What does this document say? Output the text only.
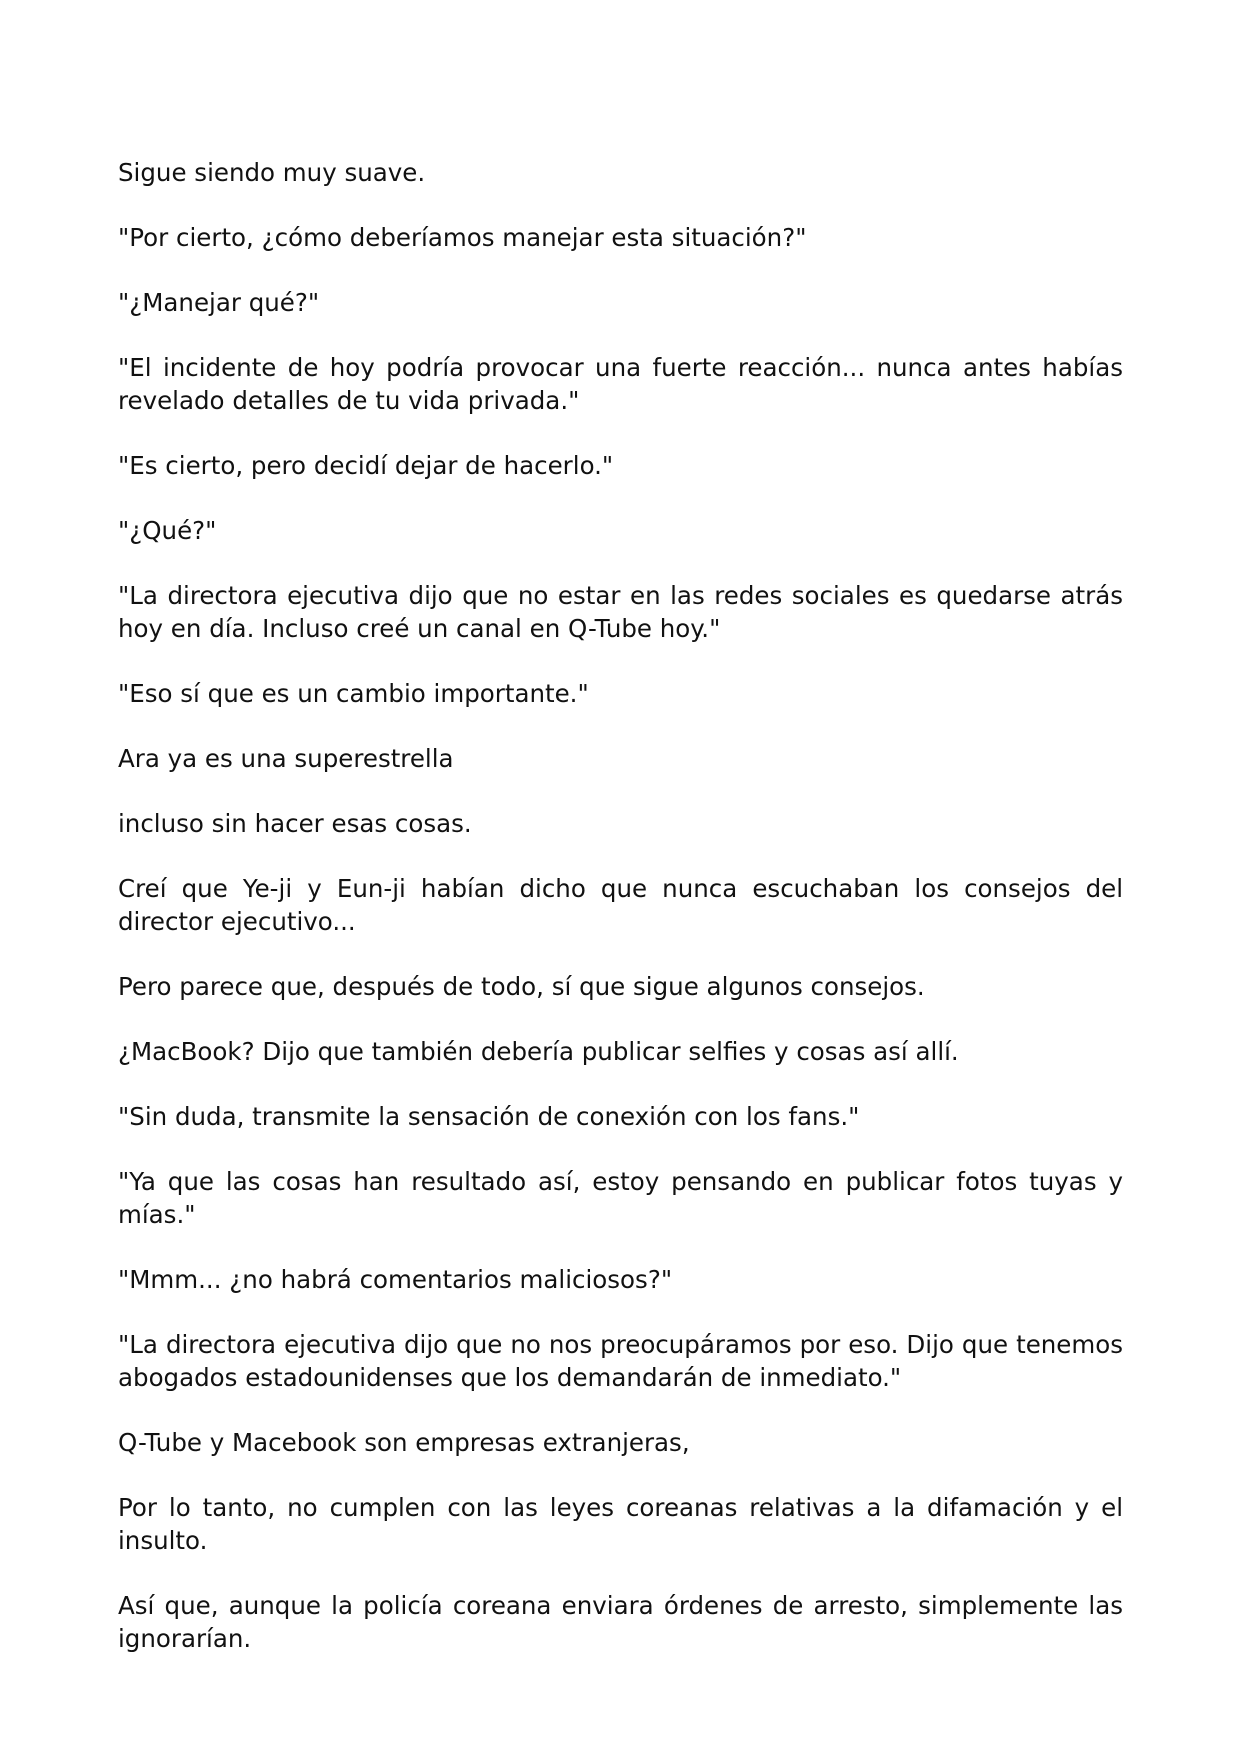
Sigue siendo muy suave.

"Por cierto, ¿cómo deberíamos manejar esta situación?"

"¿Manejar qué?"

"El incidente de hoy podría provocar una fuerte reacción... nunca antes habías revelado detalles de tu vida privada."

"Es cierto, pero decidí dejar de hacerlo."

"¿Qué?"

"La directora ejecutiva dijo que no estar en las redes sociales es quedarse atrás hoy en día. Incluso creé un canal en Q-Tube hoy."

"Eso sí que es un cambio importante."

Ara ya es una superestrella

incluso sin hacer esas cosas.

Creí que Ye-ji y Eun-ji habían dicho que nunca escuchaban los consejos del director ejecutivo...

Pero parece que, después de todo, sí que sigue algunos consejos.

¿MacBook? Dijo que también debería publicar selfies y cosas así allí.

"Sin duda, transmite la sensación de conexión con los fans."

"Ya que las cosas han resultado así, estoy pensando en publicar fotos tuyas y mías."

"Mmm... ¿no habrá comentarios maliciosos?"

"La directora ejecutiva dijo que no nos preocupáramos por eso. Dijo que tenemos abogados estadounidenses que los demandarán de inmediato."

Q-Tube y Macebook son empresas extranjeras,

Por lo tanto, no cumplen con las leyes coreanas relativas a la difamación y el insulto.

Así que, aunque la policía coreana enviara órdenes de arresto, simplemente las ignorarían.
